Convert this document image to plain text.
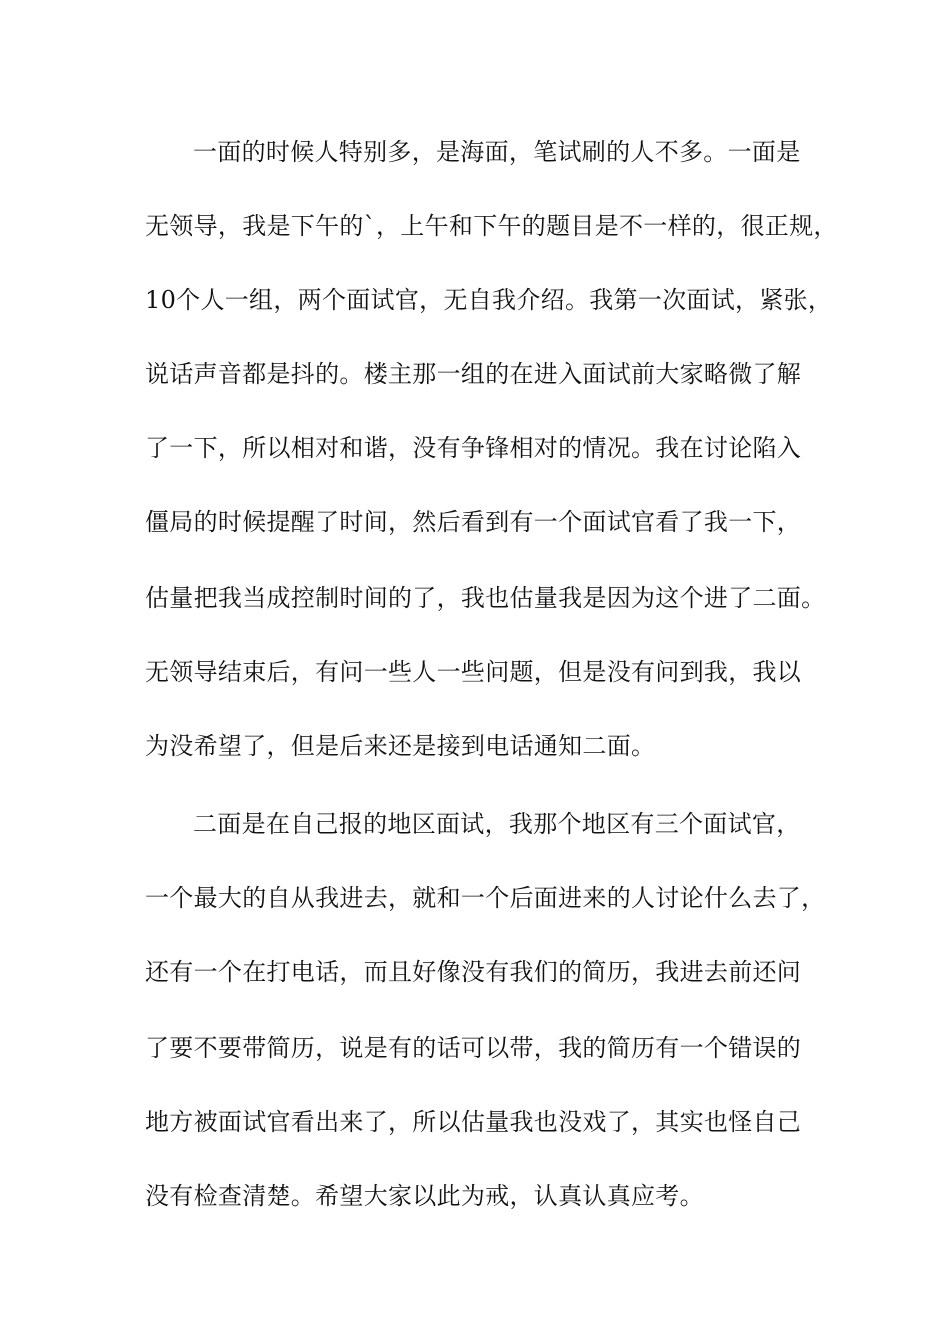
一面的时候人特别多，是海面，笔试刷的人不多。一面是

无领导，我是下午的`，上午和下午的题目是不一样的，很正规，

10个人一组，两个面试官，无自我介绍。我第一次面试，紧张，

说话声音都是抖的。楼主那一组的在进入面试前大家略微了解

了一下，所以相对和谐，没有争锋相对的情况。我在讨论陷入

僵局的时候提醒了时间，然后看到有一个面试官看了我一下，

估量把我当成控制时间的了，我也估量我是因为这个进了二面。

无领导结束后，有问一些人一些问题，但是没有问到我，我以

为没希望了，但是后来还是接到电话通知二面。

二面是在自己报的地区面试，我那个地区有三个面试官，

一个最大的自从我进去，就和一个后面进来的人讨论什么去了，

还有一个在打电话，而且好像没有我们的简历，我进去前还问

了要不要带简历，说是有的话可以带，我的简历有一个错误的

地方被面试官看出来了，所以估量我也没戏了，其实也怪自己

没有检查清楚。希望大家以此为戒，认真认真应考。
